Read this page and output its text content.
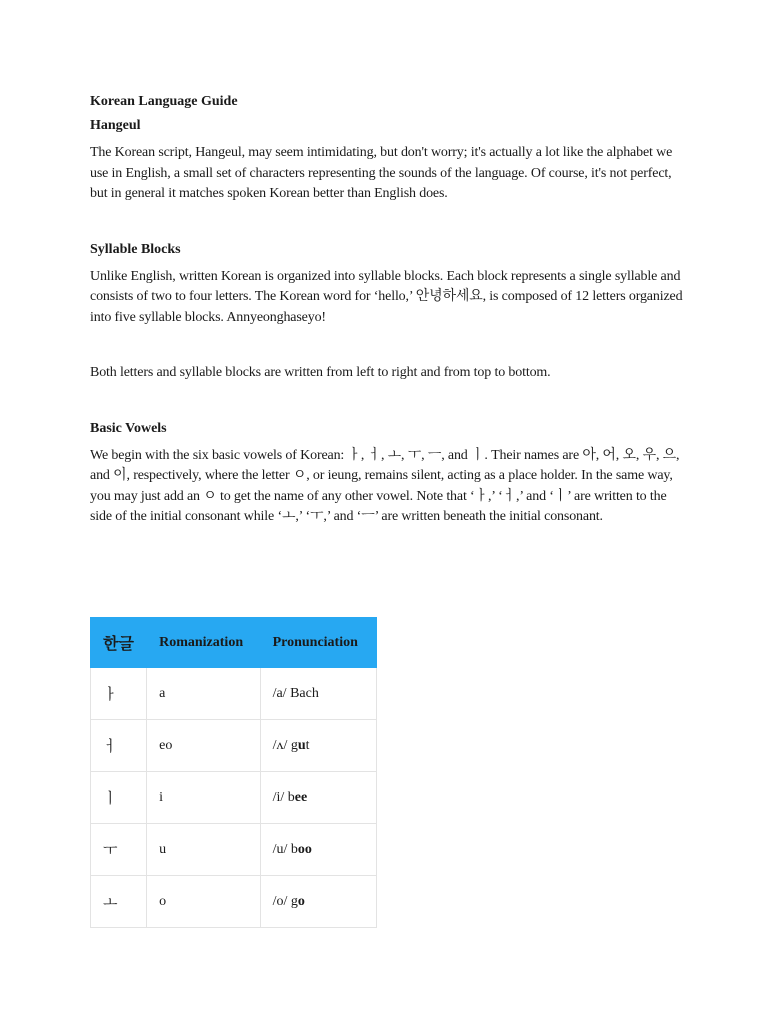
Korean Language Guide

Hangeul

The Korean script, Hangeul, may seem intimidating, but don't worry; it's actually a lot like the alphabet we use in English, a small set of characters representing the sounds of the language. Of course, it's not perfect, but in general it matches spoken Korean better than English does.

Syllable Blocks

Unlike English, written Korean is organized into syllable blocks. Each block represents a single syllable and consists of two to four letters. The Korean word for ‘hello,’ 안녕하세요, is composed of 12 letters organized into five syllable blocks. Annyeonghaseyo!

Both letters and syllable blocks are written from left to right and from top to bottom.

Basic Vowels

We begin with the six basic vowels of Korean: ㅏ, ㅓ, ㅗ, ㅜ, ㅡ, and ㅣ. Their names are 아, 어, 오, 우, 으, and 이, respectively, where the letter ㅇ, or ieung, remains silent, acting as a place holder. In the same way, you may just add an ㅇ to get the name of any other vowel. Note that ‘ㅏ,’ ‘ㅓ,’ and ‘ㅣ’ are written to the side of the initial consonant while ‘ㅗ,’ ‘ㅜ,’ and ‘ㅡ’ are written beneath the initial consonant.

한글	Romanization	Pronunciation
ㅏ	a	/a/ Bach
ㅓ	eo	/ʌ/ gut
ㅣ	i	/i/ bee
ㅜ	u	/u/ boo
ㅗ	o	/o/ go
